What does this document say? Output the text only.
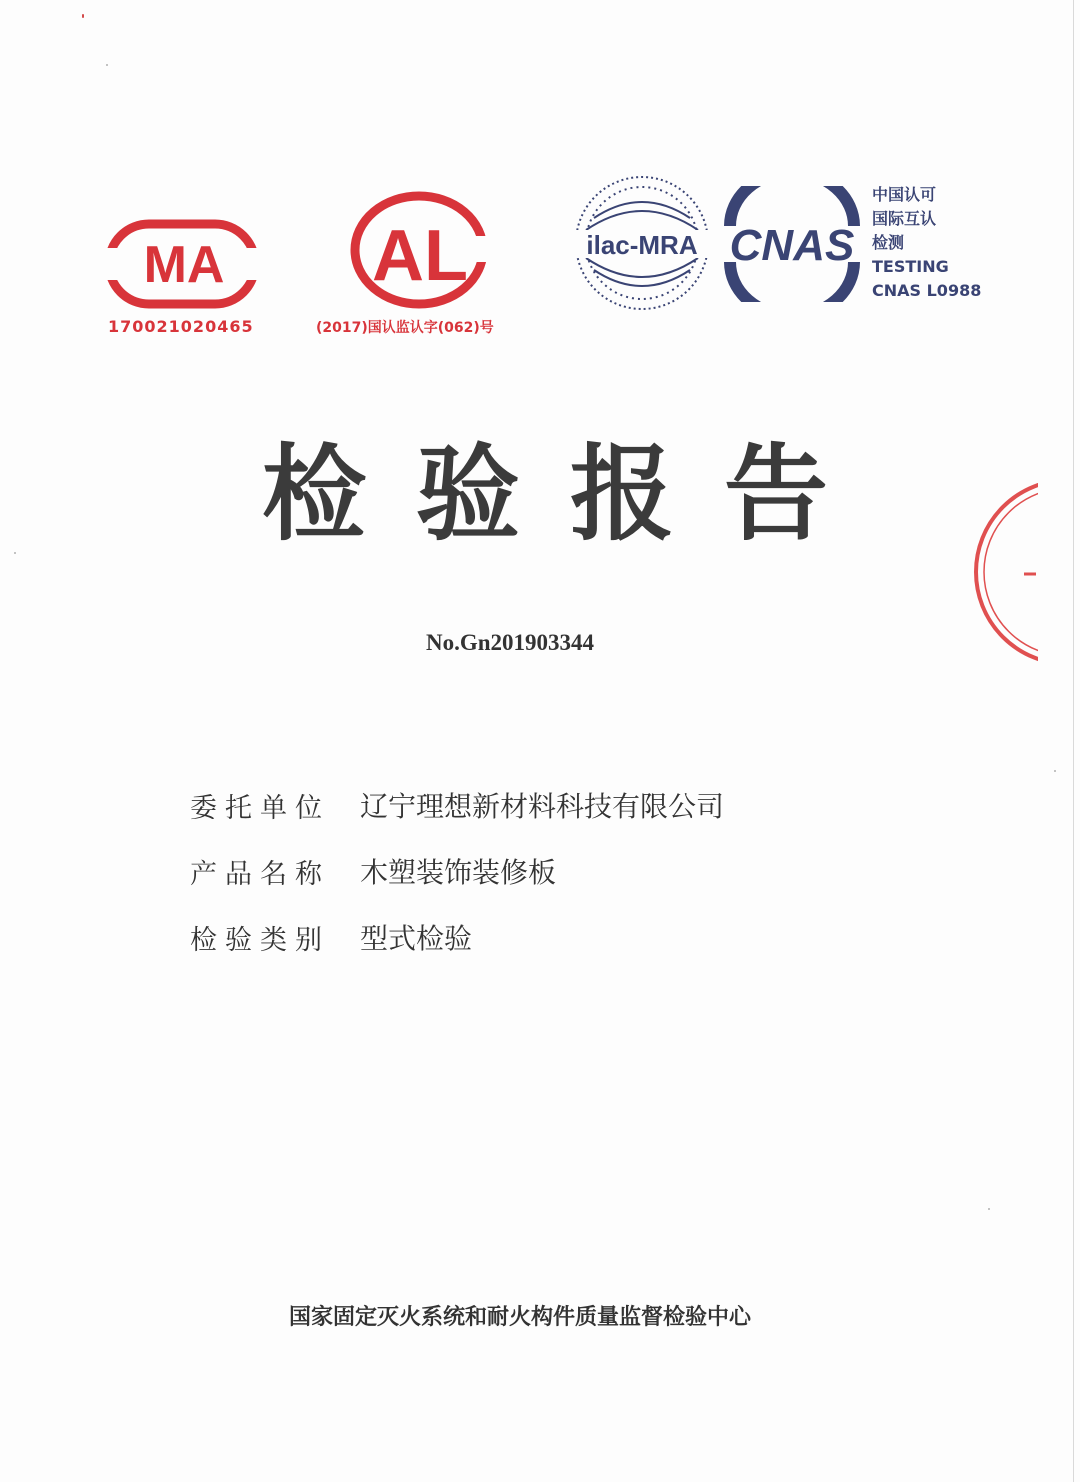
MA
170021020465
AL
(2017)国认监认字(062)号
ilac-MRA CNAS
中国认可
国际互认
检测
TESTING
CNAS L0988
检验报告
No.Gn201903344
委托单位	辽宁理想新材料科技有限公司
产品名称	木塑装饰装修板
检验类别	型式检验
国家固定灭火系统和耐火构件质量监督检验中心
